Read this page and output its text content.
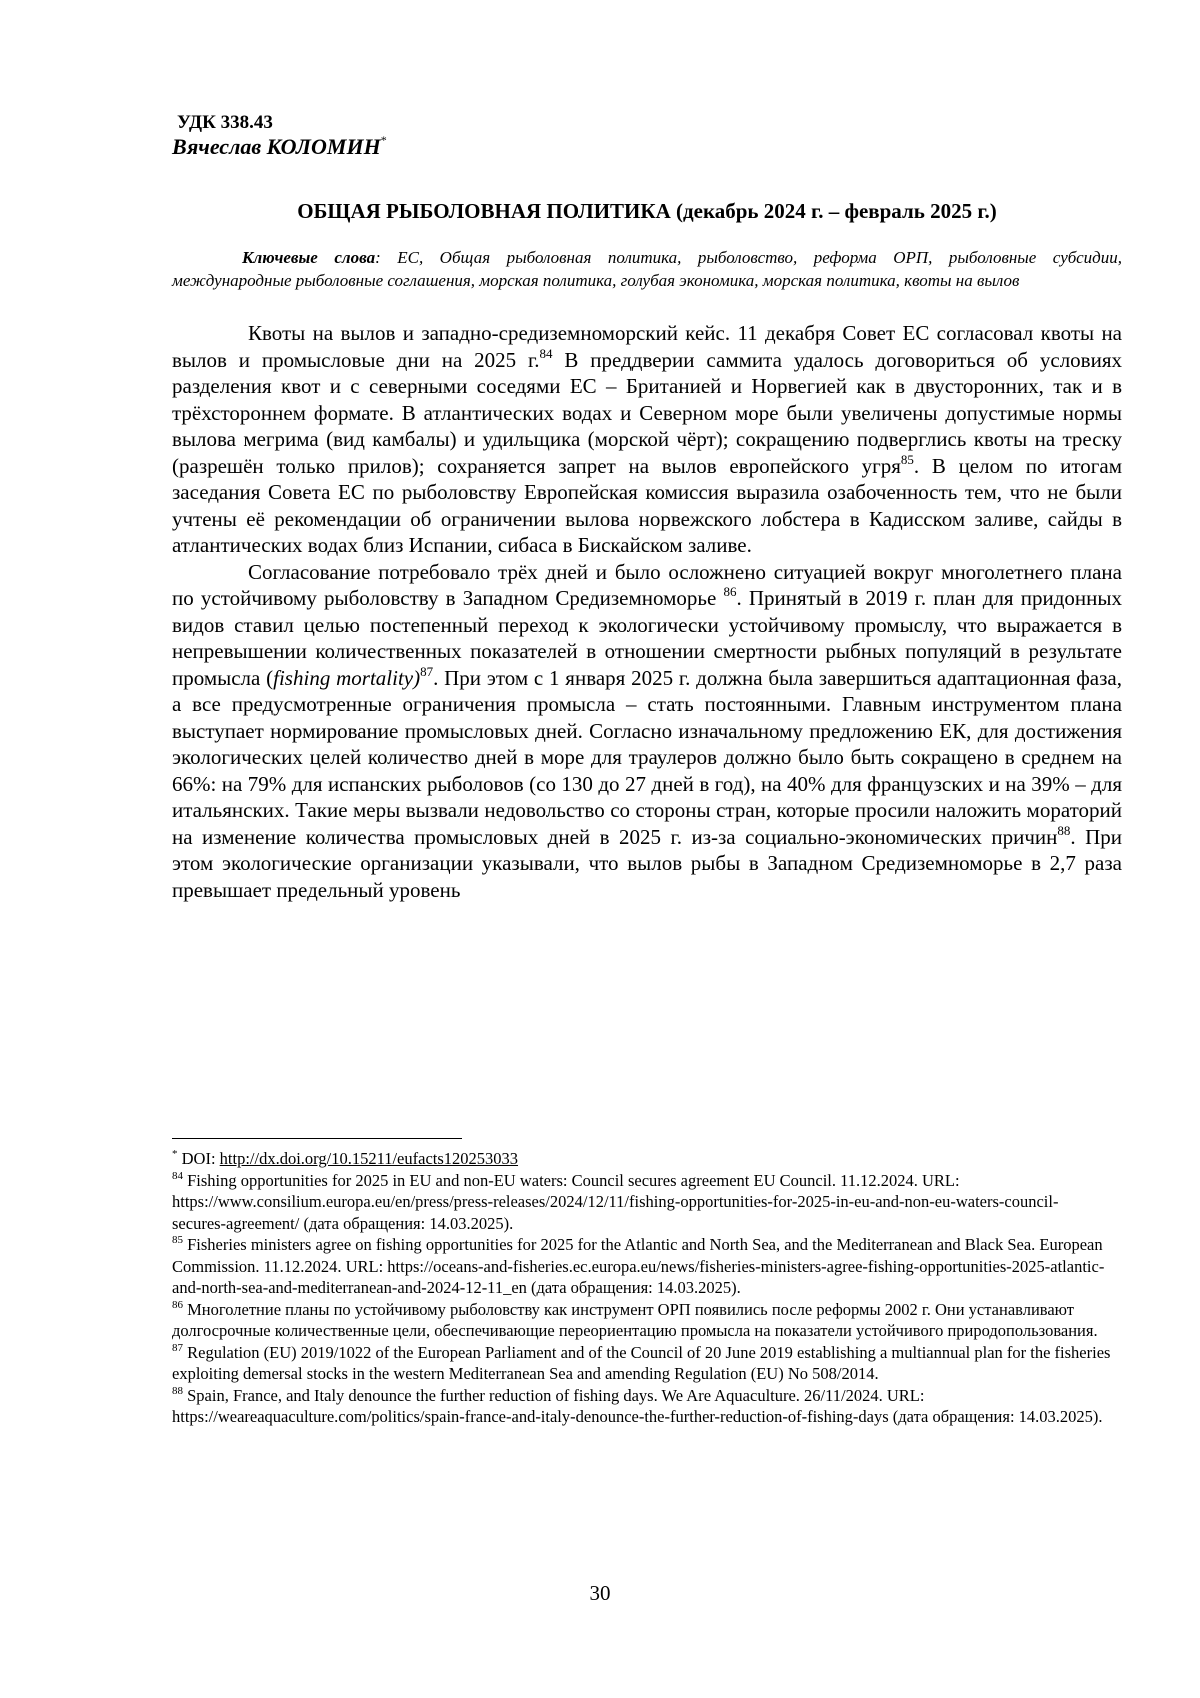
УДК 338.43
Вячеслав КОЛОМИН*
ОБЩАЯ РЫБОЛОВНАЯ ПОЛИТИКА (декабрь 2024 г. – февраль 2025 г.)
Ключевые слова: ЕС, Общая рыболовная политика, рыболовство, реформа ОРП, рыболовные субсидии, международные рыболовные соглашения, морская политика, голубая экономика, морская политика, квоты на вылов

Квоты на вылов и западно-средиземноморский кейс. 11 декабря Совет ЕС согласовал квоты на вылов и промысловые дни на 2025 г.$^{84}$ В преддверии саммита удалось договориться об условиях разделения квот и с северными соседями ЕС – Британией и Норвегией как в двусторонних, так и в трёхстороннем формате. В атлантических водах и Северном море были увеличены допустимые нормы вылова мегрима (вид камбалы) и удильщика (морской чёрт); сокращению подверглись квоты на треску (разрешён только прилов); сохраняется запрет на вылов европейского угря$^{85}$. В целом по итогам заседания Совета ЕС по рыболовству Европейская комиссия выразила озабоченность тем, что не были учтены её рекомендации об ограничении вылова норвежского лобстера в Кадисском заливе, сайды в атлантических водах близ Испании, сибаса в Бискайском заливе.

Согласование потребовало трёх дней и было осложнено ситуацией вокруг многолетнего плана по устойчивому рыболовству в Западном Средиземноморье $^{86}$. Принятый в 2019 г. план для придонных видов ставил целью постепенный переход к экологически устойчивому промыслу, что выражается в непревышении количественных показателей в отношении смертности рыбных популяций в результате промысла (fishing mortality)$^{87}$. При этом с 1 января 2025 г. должна была завершиться адаптационная фаза, а все предусмотренные ограничения промысла – стать постоянными. Главным инструментом плана выступает нормирование промысловых дней. Согласно изначальному предложению ЕК, для достижения экологических целей количество дней в море для траулеров должно было быть сокращено в среднем на 66%: на 79% для испанских рыболовов (со 130 до 27 дней в год), на 40% для французских и на 39% – для итальянских. Такие меры вызвали недовольство со стороны стран, которые просили наложить мораторий на изменение количества промысловых дней в 2025 г. из-за социально-экономических причин$^{88}$. При этом экологические организации указывали, что вылов рыбы в Западном Средиземноморье в 2,7 раза превышает предельный уровень

* DOI: http://dx.doi.org/10.15211/eufacts120253033

$^{84}$ Fishing opportunities for 2025 in EU and non-EU waters: Council secures agreement EU Council. 11.12.2024. URL: https://www.consilium.europa.eu/en/press/press-releases/2024/12/11/fishing-opportunities-for-2025-in-eu-and-non-eu-waters-council-secures-agreement/ (дата обращения: 14.03.2025).

$^{85}$ Fisheries ministers agree on fishing opportunities for 2025 for the Atlantic and North Sea, and the Mediterranean and Black Sea. European Commission. 11.12.2024. URL: https://oceans-and-fisheries.ec.europa.eu/news/fisheries-ministers-agree-fishing-opportunities-2025-atlantic-and-north-sea-and-mediterranean-and-2024-12-11_en (дата обращения: 14.03.2025).

$^{86}$ Многолетние планы по устойчивому рыболовству как инструмент ОРП появились после реформы 2002 г. Они устанавливают долгосрочные количественные цели, обеспечивающие переориентацию промысла на показатели устойчивого природопользования.

$^{87}$ Regulation (EU) 2019/1022 of the European Parliament and of the Council of 20 June 2019 establishing a multiannual plan for the fisheries exploiting demersal stocks in the western Mediterranean Sea and amending Regulation (EU) No 508/2014.

$^{88}$ Spain, France, and Italy denounce the further reduction of fishing days. We Are Aquaculture. 26/11/2024. URL: https://weareaquaculture.com/politics/spain-france-and-italy-denounce-the-further-reduction-of-fishing-days (дата обращения: 14.03.2025).

30
